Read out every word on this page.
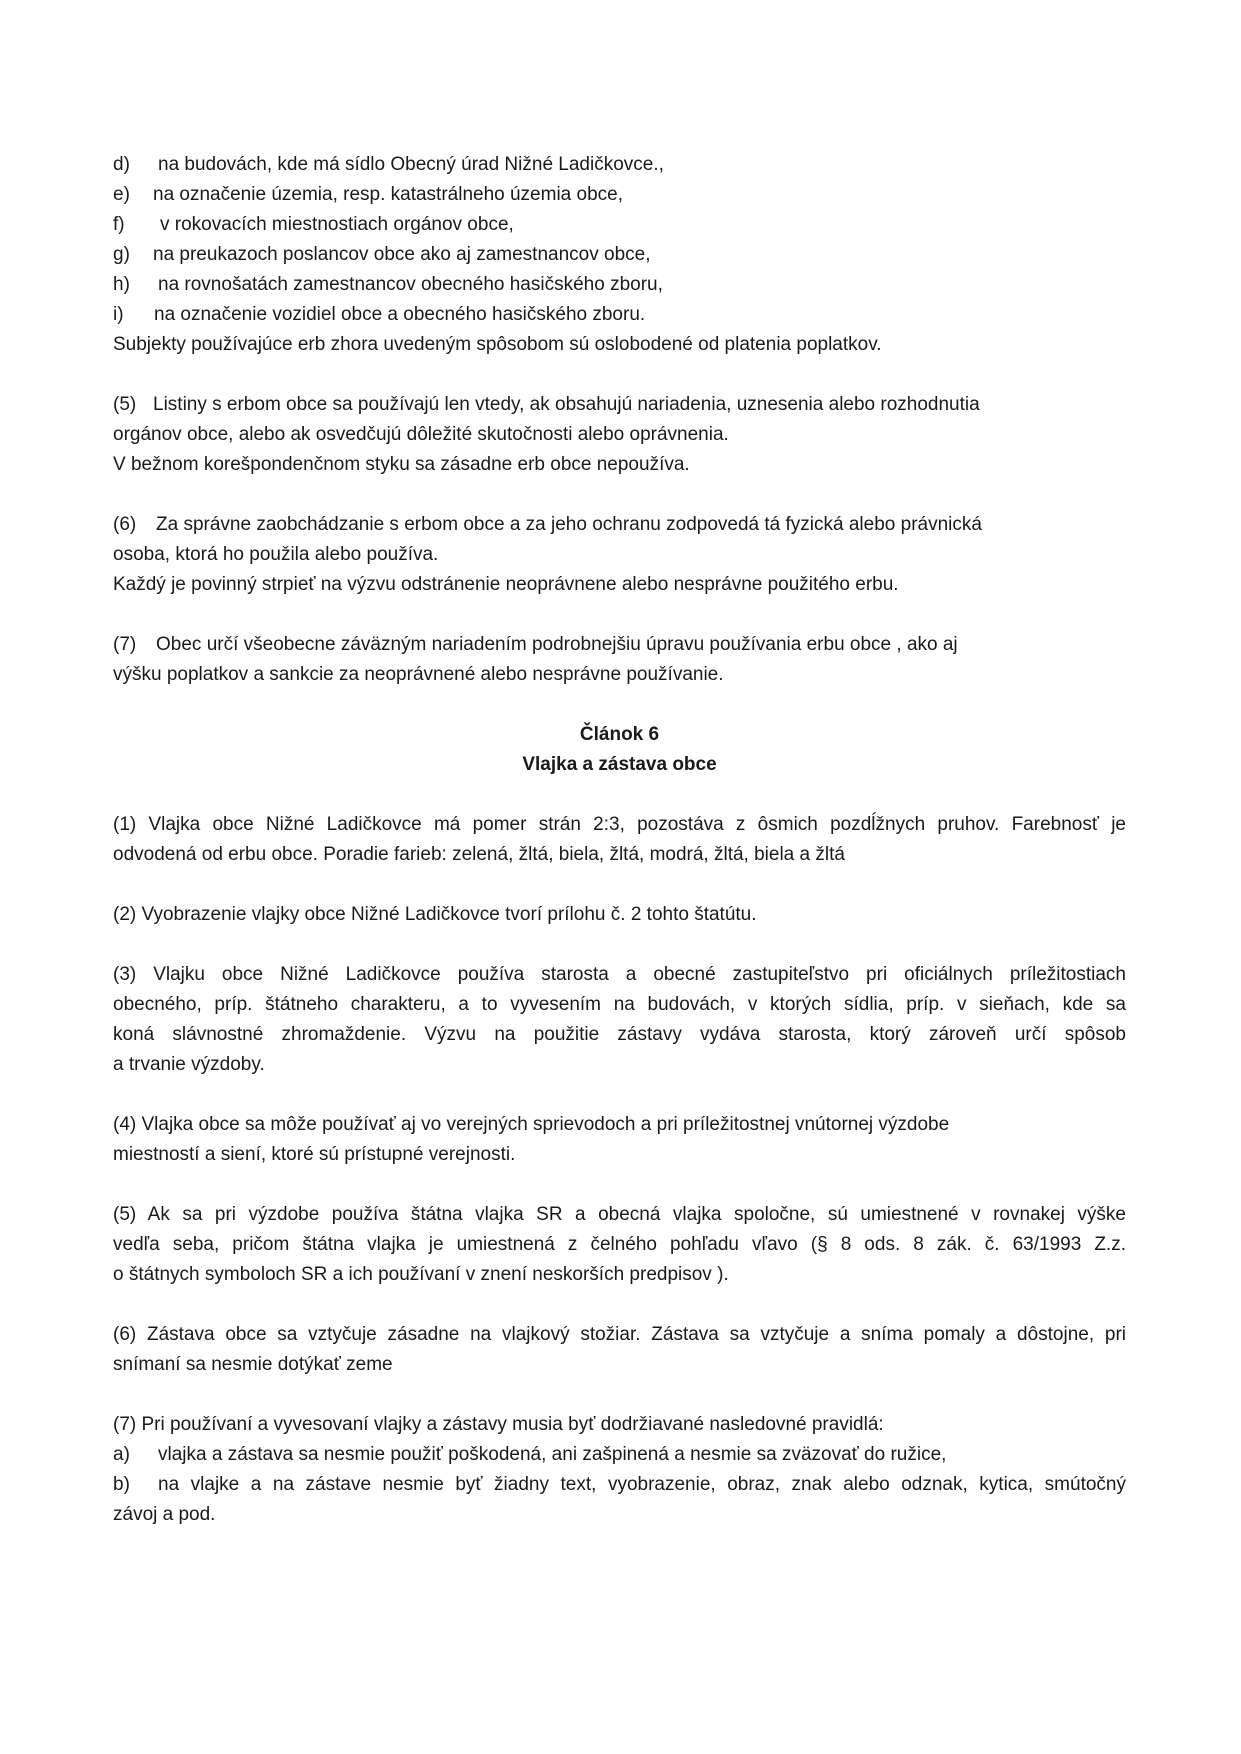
d)	na budovách, kde má sídlo Obecný úrad Nižné Ladičkovce.,
e)	na označenie územia, resp. katastrálneho územia obce,
f)	v rokovacích miestnostiach orgánov obce,
g)	na preukazoch poslancov obce ako aj zamestnancov obce,
h)	na rovnošatách zamestnancov obecného hasičského zboru,
i)	na označenie vozidiel obce a obecného hasičského zboru.

Subjekty používajúce erb zhora uvedeným spôsobom sú oslobodené od platenia poplatkov.

(5) Listiny s erbom obce sa používajú len vtedy, ak obsahujú nariadenia, uznesenia alebo rozhodnutia

orgánov obce, alebo ak osvedčujú dôležité skutočnosti alebo oprávnenia.

V bežnom korešpondenčnom styku sa zásadne erb obce nepoužíva.

(6) Za správne zaobchádzanie s erbom obce a za jeho ochranu zodpovedá tá fyzická alebo právnická

osoba, ktorá ho použila alebo používa.

Každý je povinný strpieť na výzvu odstránenie neoprávnene alebo nesprávne použitého erbu.

(7) Obec určí všeobecne záväzným nariadením podrobnejšiu úpravu používania erbu obce , ako aj

výšku poplatkov a sankcie za neoprávnené alebo nesprávne používanie.

Článok 6

Vlajka a zástava obce

(1) Vlajka obce Nižné Ladičkovce má pomer strán 2:3, pozostáva z ôsmich pozdĺžnych pruhov. Farebnosť je

odvodená od erbu obce. Poradie farieb: zelená, žltá, biela, žltá, modrá, žltá, biela a žltá

(2) Vyobrazenie vlajky obce Nižné Ladičkovce tvorí prílohu č. 2 tohto štatútu.

(3) Vlajku obce Nižné Ladičkovce používa starosta a obecné zastupiteľstvo pri oficiálnych príležitostiach

obecného, príp. štátneho charakteru, a to vyvesením na budovách, v ktorých sídlia, príp. v sieňach, kde sa

koná slávnostné zhromaždenie. Výzvu na použitie zástavy vydáva starosta, ktorý zároveň určí spôsob

a trvanie výzdoby.

(4) Vlajka obce sa môže používať aj vo verejných sprievodoch a pri príležitostnej vnútornej výzdobe

miestností a siení, ktoré sú prístupné verejnosti.

(5) Ak sa pri výzdobe používa štátna vlajka SR a obecná vlajka spoločne, sú umiestnené v rovnakej výške

vedľa seba, pričom štátna vlajka je umiestnená z čelného pohľadu vľavo (§ 8 ods. 8 zák. č. 63/1993 Z.z.

o štátnych symboloch SR a ich používaní v znení neskorších predpisov ).

(6) Zástava obce sa vztyčuje zásadne na vlajkový stožiar. Zástava sa vztyčuje a sníma pomaly a dôstojne, pri

snímaní sa nesmie dotýkať zeme

(7) Pri používaní a vyvesovaní vlajky a zástavy musia byť dodržiavané nasledovné pravidlá:

a)	vlajka a zástava sa nesmie použiť poškodená, ani zašpinená a nesmie sa zväzovať do ružice,
b)	na vlajke a na zástave nesmie byť žiadny text, vyobrazenie, obraz, znak alebo odznak, kytica, smútočný

závoj a pod.
